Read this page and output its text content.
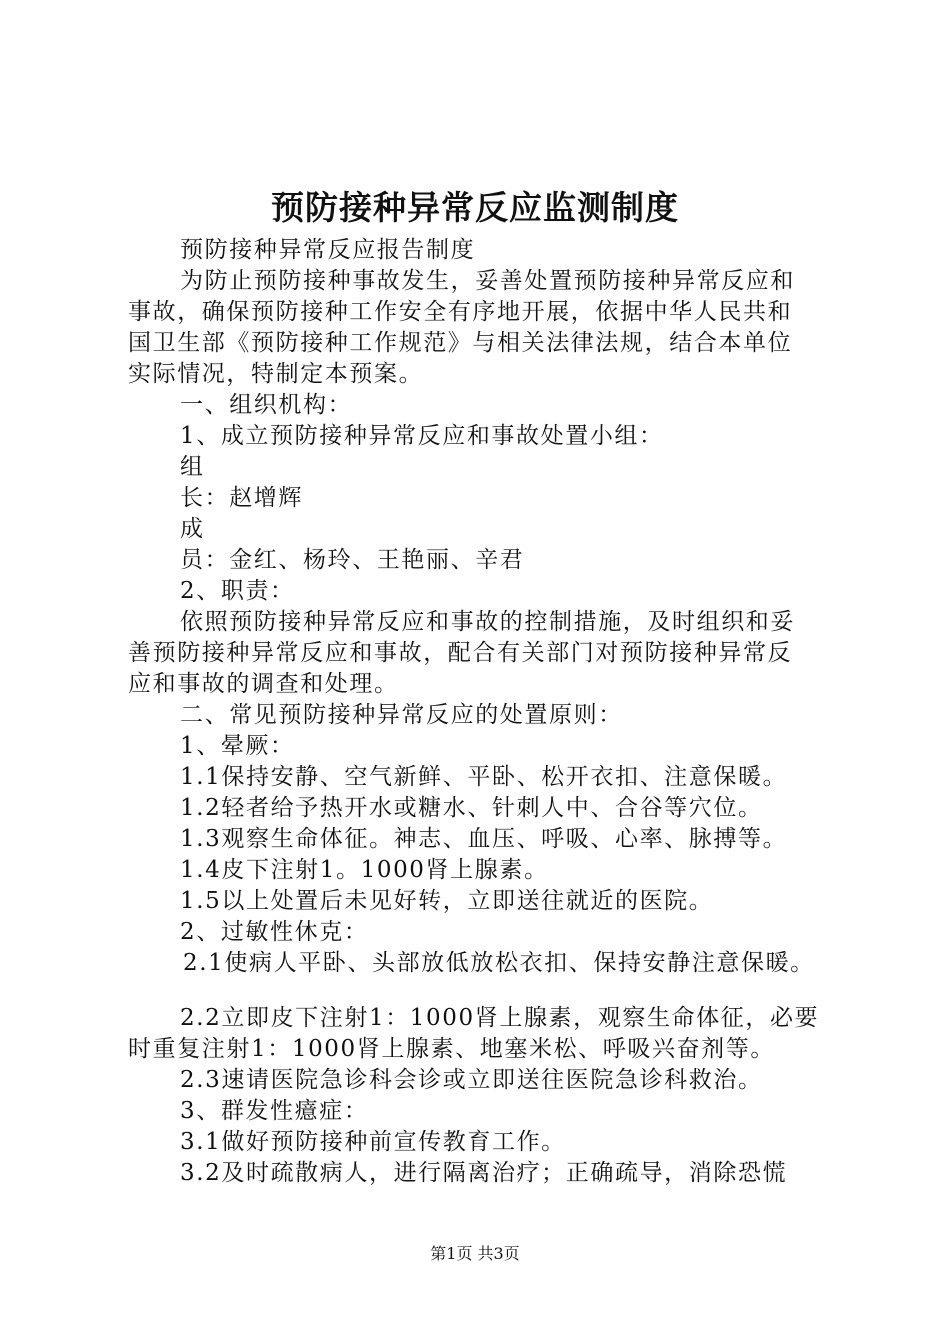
预防接种异常反应监测制度
预防接种异常反应报告制度
为防止预防接种事故发生，妥善处置预防接种异常反应和
事故，确保预防接种工作安全有序地开展，依据中华人民共和
国卫生部《预防接种工作规范》与相关法律法规，结合本单位
实际情况，特制定本预案。
一、组织机构：
1、成立预防接种异常反应和事故处置小组：
组
长：赵增辉
成
员：金红、杨玲、王艳丽、辛君
2、职责：
依照预防接种异常反应和事故的控制措施，及时组织和妥
善预防接种异常反应和事故，配合有关部门对预防接种异常反
应和事故的调查和处理。
二、常见预防接种异常反应的处置原则：
1、晕厥：
1.1保持安静、空气新鲜、平卧、松开衣扣、注意保暖。
1.2轻者给予热开水或糖水、针刺人中、合谷等穴位。
1.3观察生命体征。神志、血压、呼吸、心率、脉搏等。
1.4皮下注射1。1000肾上腺素。
1.5以上处置后未见好转，立即送往就近的医院。
2、过敏性休克：
2.1使病人平卧、头部放低放松衣扣、保持安静注意保暖。
2.2立即皮下注射1：1000肾上腺素，观察生命体征，必要
时重复注射1：1000肾上腺素、地塞米松、呼吸兴奋剂等。
2.3速请医院急诊科会诊或立即送往医院急诊科救治。
3、群发性癔症：
3.1做好预防接种前宣传教育工作。
3.2及时疏散病人，进行隔离治疗；正确疏导，消除恐慌
第1页 共3页
